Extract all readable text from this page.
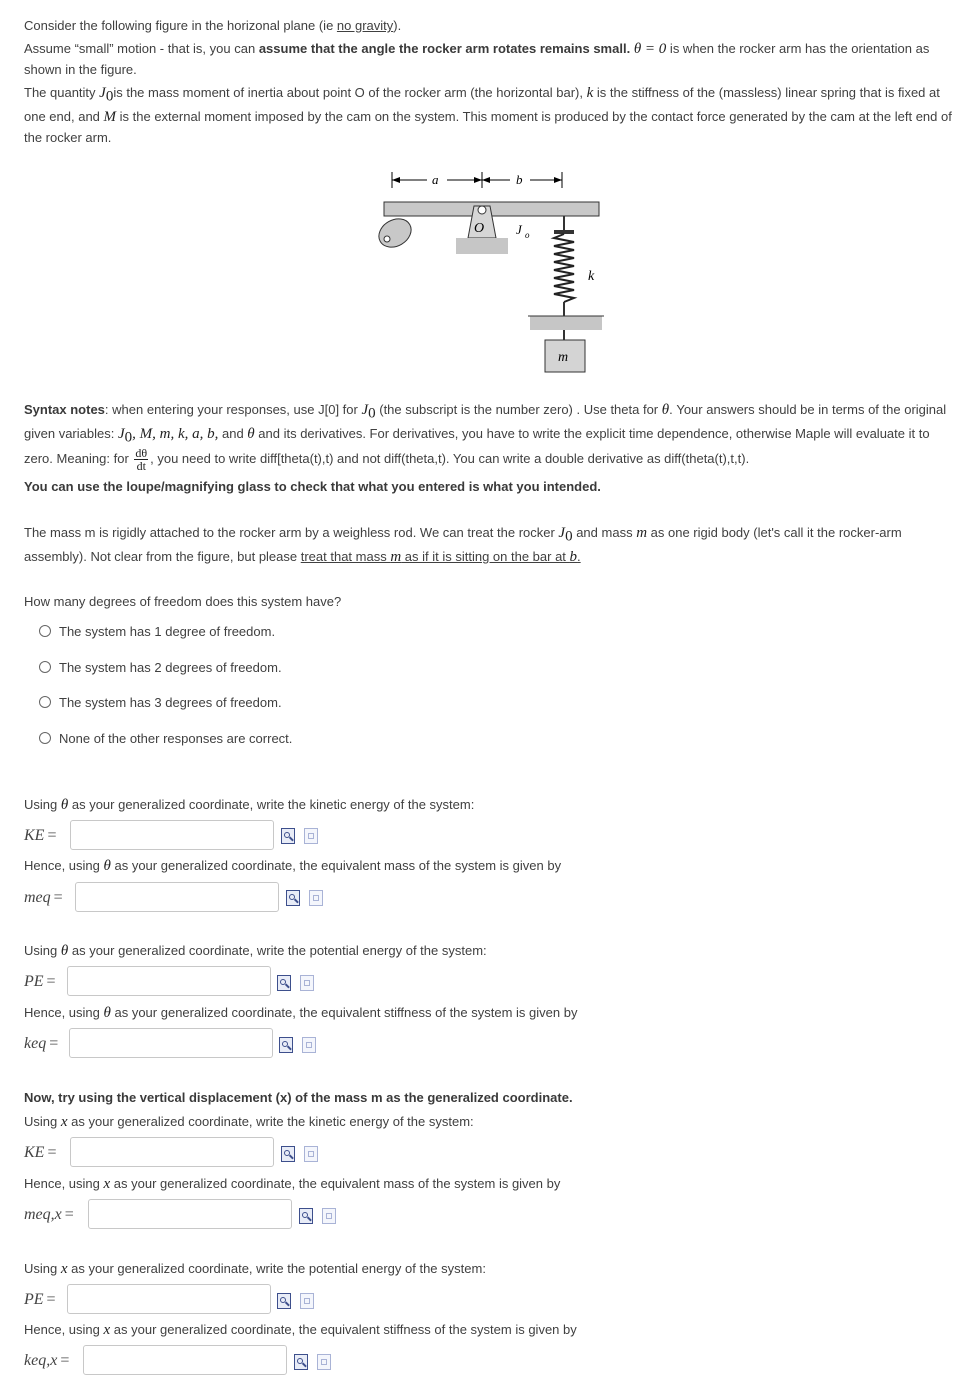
Consider the following figure in the horizonal plane (ie no gravity).

Assume “small” motion - that is, you can assume that the angle the rocker arm rotates remains small. θ = 0 is when the rocker arm has the orientation as shown in the figure.

The quantity $J_0is$ the mass moment of inertia about point O of the rocker arm (the horizontal bar), k is the stiffness of the (massless) linear spring that is fixed at one end, and M is the external moment imposed by the cam on the system. This moment is produced by the contact force generated by the cam at the left end of the rocker arm.

a	b
O J o
k
m

Syntax notes: when entering your responses, use J[0] for $J_0$ (the subscript is the number zero) . Use theta for θ. Your answers should be in terms of the original given variables: $J_0$, M, m, k, a, b, and θ and its derivatives. For derivatives, you have to write the explicit time dependence, otherwise Maple will evaluate it to zero. Meaning: for $\frac{d\theta}{dt}$ , you need to write diff[theta(t),t) and not diff(theta,t). You can write a double derivative as diff(theta(t),t,t).

You can use the loupe/magnifying glass to check that what you entered is what you intended.

The mass m is rigidly attached to the rocker arm by a weighless rod. We can treat the rocker $J_0$ and mass m as one rigid body (let's call it the rocker-arm assembly). Not clear from the figure, but please treat that mass m as if it is sitting on the bar at b.

How many degrees of freedom does this system have?

The system has 1 degree of freedom.
The system has 2 degrees of freedom.
The system has 3 degrees of freedom.
None of the other responses are correct.

Using θ as your generalized coordinate, write the kinetic energy of the system:

KE =

Hence, using θ as your generalized coordinate, the equivalent mass of the system is given by

meq =

Using θ as your generalized coordinate, write the potential energy of the system:

PE =

Hence, using θ as your generalized coordinate, the equivalent stiffness of the system is given by

keq =

Now, try using the vertical displacement (x) of the mass m as the generalized coordinate.

Using x as your generalized coordinate, write the kinetic energy of the system:

KE =

Hence, using x as your generalized coordinate, the equivalent mass of the system is given by

meq,x =

Using x as your generalized coordinate, write the potential energy of the system:

PE =

Hence, using x as your generalized coordinate, the equivalent stiffness of the system is given by

keq,x =
